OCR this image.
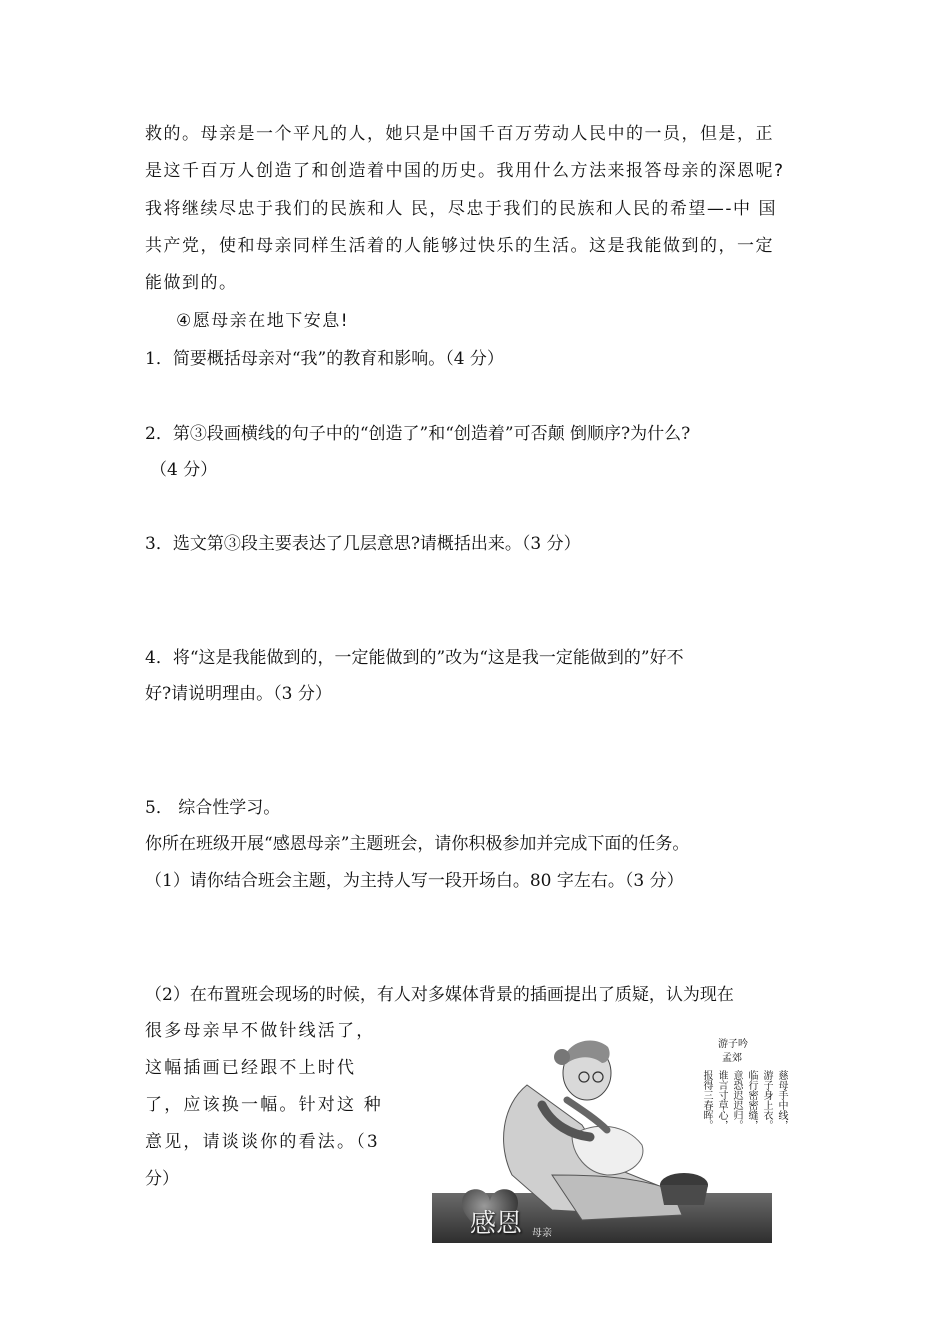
救的。母亲是一个平凡的人，她只是中国千百万劳动人民中的一员，但是，正
是这千百万人创造了和创造着中国的历史。我用什么方法来报答母亲的深恩呢?
我将继续尽忠于我们的民族和人 民，尽忠于我们的民族和人民的希望—-中 国
共产党，使和母亲同样生活着的人能够过快乐的生活。这是我能做到的，一定
能做到的。
④愿母亲在地下安息!
1．简要概括母亲对“我”的教育和影响。（4 分）
2．第③段画横线的句子中的“创造了”和“创造着”可否颠 倒顺序?为什么?
（4 分）
3．选文第③段主要表达了几层意思?请概括出来。（3 分）
4．将“这是我能做到的，一定能做到的”改为“这是我一定能做到的”好不
好?请说明理由。（3 分）
5． 综合性学习。
你所在班级开展“感恩母亲”主题班会，请你积极参加并完成下面的任务。
（1）请你结合班会主题，为主持人写一段开场白。80 字左右。（3 分）
（2）在布置班会现场的时候，有人对多媒体背景的插画提出了质疑，认为现在
很多母亲早不做针线活了，
这幅插画已经跟不上时代
了，应该换一幅。针对这 种
意见，请谈谈你的看法。（3
分）
游子吟
孟郊
慈母手中线，
游子身上衣。
临行密密缝，
意恐迟迟归。
谁言寸草心，
报得三春晖。
感恩 母亲
